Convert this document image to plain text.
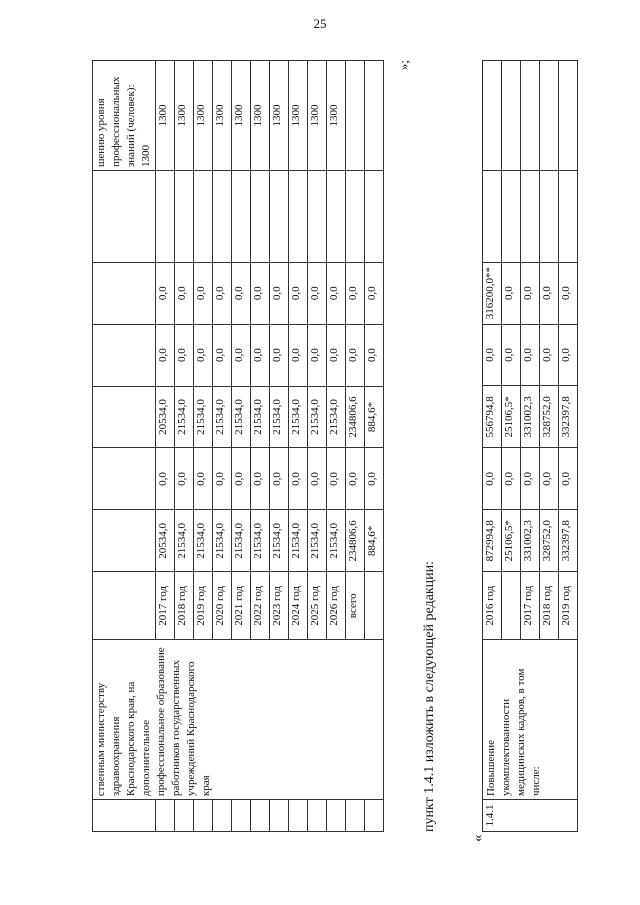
25
	ственным министерству здравоохранения Краснодарского края, на дополнительное профессиональное образование работников государственных учреждений Краснодарского края								шению уровня профессиональных знаний (человек): 1300
		2017 год	20534,0	0,0	20534,0	0,0	0,0		1300
		2018 год	21534,0	0,0	21534,0	0,0	0,0		1300
		2019 год	21534,0	0,0	21534,0	0,0	0,0		1300
		2020 год	21534,0	0,0	21534,0	0,0	0,0		1300
		2021 год	21534,0	0,0	21534,0	0,0	0,0		1300
		2022 год	21534,0	0,0	21534,0	0,0	0,0		1300
		2023 год	21534,0	0,0	21534,0	0,0	0,0		1300
		2024 год	21534,0	0,0	21534,0	0,0	0,0		1300
		2025 год	21534,0	0,0	21534,0	0,0	0,0		1300
		2026 год	21534,0	0,0	21534,0	0,0	0,0		1300
		всего	234806,6	0,0	234806,6	0,0	0,0		
			884,6*	0,0	884,6*	0,0	0,0		
»;
пункт 1.4.1 изложить в следующей редакции:
«
1.4.1	Повышение укомплектованности медицинских кадров, в том числе:	2016 год	872994,8	0,0	556794,8	0,0	316200,0**		
			25106,5*	0,0	25106,5*	0,0	0,0		
		2017 год	331002,3	0,0	331002,3	0,0	0,0		
		2018 год	328752,0	0,0	328752,0	0,0	0,0		
		2019 год	332397,8	0,0	332397,8	0,0	0,0		
